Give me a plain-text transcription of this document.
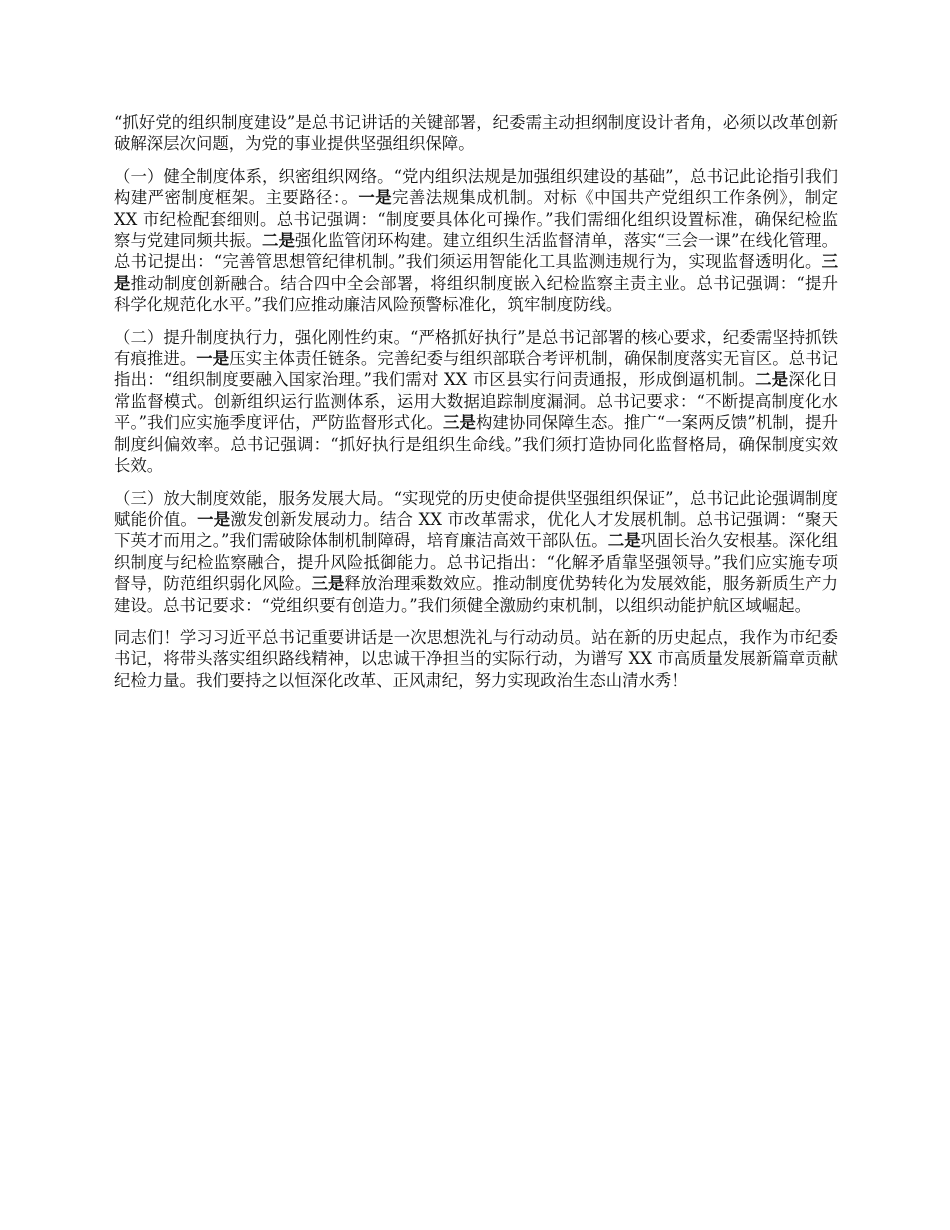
“抓好党的组织制度建设”是总书记讲话的关键部署，纪委需主动担纲制度设计者角，必须以改革创新破解深层次问题，为党的事业提供坚强组织保障。

（一）健全制度体系，织密组织网络。“党内组织法规是加强组织建设的基础”，总书记此论指引我们构建严密制度框架。主要路径：。一是完善法规集成机制。对标《中国共产党组织工作条例》，制定 XX 市纪检配套细则。总书记强调：“制度要具体化可操作。”我们需细化组织设置标准，确保纪检监察与党建同频共振。二是强化监管闭环构建。建立组织生活监督清单，落实“三会一课”在线化管理。总书记提出：“完善管思想管纪律机制。”我们须运用智能化工具监测违规行为，实现监督透明化。三是推动制度创新融合。结合四中全会部署，将组织制度嵌入纪检监察主责主业。总书记强调：“提升科学化规范化水平。”我们应推动廉洁风险预警标准化，筑牢制度防线。

（二）提升制度执行力，强化刚性约束。“严格抓好执行”是总书记部署的核心要求，纪委需坚持抓铁有痕推进。一是压实主体责任链条。完善纪委与组织部联合考评机制，确保制度落实无盲区。总书记指出：“组织制度要融入国家治理。”我们需对 XX 市区县实行问责通报，形成倒逼机制。二是深化日常监督模式。创新组织运行监测体系，运用大数据追踪制度漏洞。总书记要求：“不断提高制度化水平。”我们应实施季度评估，严防监督形式化。三是构建协同保障生态。推广“一案两反馈”机制，提升制度纠偏效率。总书记强调：“抓好执行是组织生命线。”我们须打造协同化监督格局，确保制度实效长效。

（三）放大制度效能，服务发展大局。“实现党的历史使命提供坚强组织保证”，总书记此论强调制度赋能价值。一是激发创新发展动力。结合 XX 市改革需求，优化人才发展机制。总书记强调：“聚天下英才而用之。”我们需破除体制机制障碍，培育廉洁高效干部队伍。二是巩固长治久安根基。深化组织制度与纪检监察融合，提升风险抵御能力。总书记指出：“化解矛盾靠坚强领导。”我们应实施专项督导，防范组织弱化风险。三是释放治理乘数效应。推动制度优势转化为发展效能，服务新质生产力建设。总书记要求：“党组织要有创造力。”我们须健全激励约束机制，以组织动能护航区域崛起。

同志们！学习习近平总书记重要讲话是一次思想洗礼与行动动员。站在新的历史起点，我作为市纪委书记，将带头落实组织路线精神，以忠诚干净担当的实际行动，为谱写 XX 市高质量发展新篇章贡献纪检力量。我们要持之以恒深化改革、正风肃纪，努力实现政治生态山清水秀！
